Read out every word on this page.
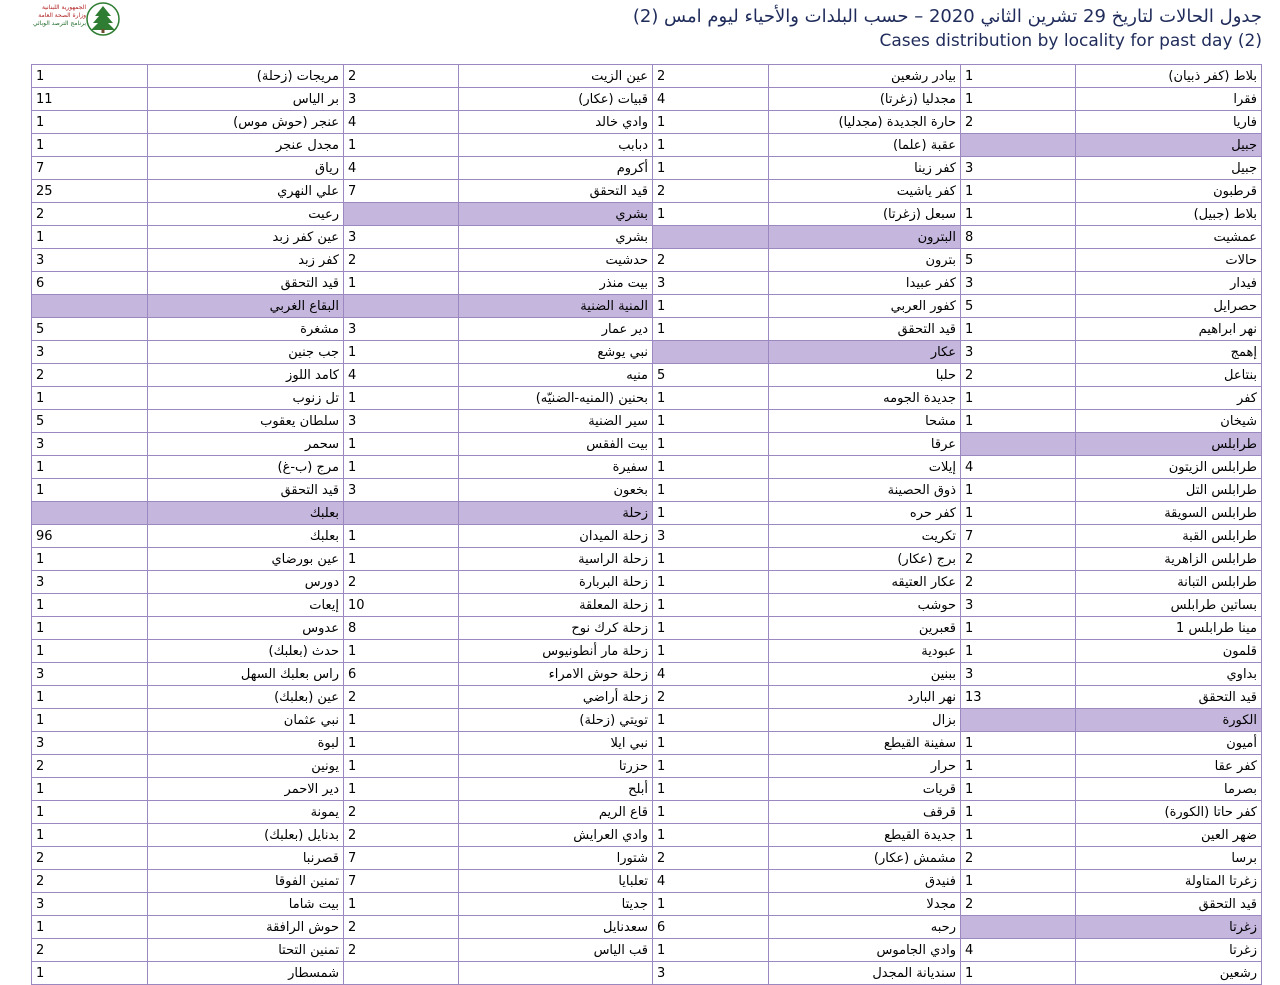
الجمهورية اللبنانية
وزارة الصحة العامة
برنامج الترصد الوبائي	جدول الحالات لتاريخ 29 تشرين الثاني 2020 – حسب البلدات والأحياء ليوم امس (2)
Cases distribution by locality for past day (2)
بلاط (كفر ذبيان)	1	بيادر رشعين	2	عين الزيت	2	مريجات (زحلة)	1
فقرا	1	مجدليا (زغرتا)	4	قبيات (عكار)	3	بر الياس	11
فاريا	2	حارة الجديدة (مجدليا)	1	وادي خالد	4	عنجر (حوش موس)	1
جبيل		عقبة (علما)	1	دبابب	1	مجدل عنجر	1
جبيل	3	كفر زينا	1	أكروم	4	رياق	7
قرطبون	1	كفر ياشيت	2	قيد التحقق	7	علي النهري	25
بلاط (جبيل)	1	سبعل (زغرتا)	1	بشري		رعيت	2
عمشيت	8	البترون		بشري	3	عين كفر زبد	1
حالات	5	بترون	2	حدشيت	2	كفر زبد	3
فيدار	3	كفر عبيدا	3	بيت منذر	1	قيد التحقق	6
حصرايل	5	كفور العربي	1	المنية الضنية		البقاع الغربي	
نهر ابراهيم	1	قيد التحقق	1	دير عمار	3	مشغرة	5
إهمج	3	عكار		نبي يوشع	1	جب جنين	3
بنتاعل	2	حلبا	5	منيه	4	كامد اللوز	2
كفر	1	جديدة الجومه	1	بحنين (المنيه-الضنيّه)	1	تل زنوب	1
شيخان	1	مشحا	1	سير الضنية	3	سلطان يعقوب	5
طرابلس		عرقا	1	بيت الفقس	1	سحمر	3
طرابلس الزيتون	4	إيلات	1	سفيرة	1	مرج (ب-غ)	1
طرابلس التل	1	ذوق الحصينة	1	بخعون	3	قيد التحقق	1
طرابلس السويقة	1	كفر حره	1	زحلة		بعلبك	
طرابلس القبة	7	تكريت	3	زحلة الميدان	1	بعلبك	96
طرابلس الزاهرية	2	برج (عكار)	1	زحلة الراسية	1	عين بورضاي	1
طرابلس التبانة	2	عكار العتيقه	1	زحلة البربارة	2	دورس	3
بساتين طرابلس	3	حوشب	1	زحلة المعلقة	10	إيعات	1
مينا طرابلس 1	1	قعبرين	1	زحلة كرك نوح	8	عدوس	1
قلمون	1	عبودية	1	زحلة مار أنطونيوس	1	حدث (بعلبك)	1
بداوي	3	ببنين	4	زحلة حوش الامراء	6	راس بعلبك السهل	3
قيد التحقق	13	نهر البارد	2	زحلة أراضي	2	عين (بعلبك)	1
الكورة		بزال	1	تويتي (زحلة)	1	نبي عثمان	1
أميون	1	سفينة القيطع	1	نبي ايلا	1	لبوة	3
كفر عقا	1	حرار	1	حزرتا	1	يونين	2
بصرما	1	قريات	1	أبلح	1	دير الاحمر	1
كفر حاتا (الكورة)	1	قرقف	1	قاع الريم	2	يمونة	1
ضهر العين	1	جديدة القيطع	1	وادي العرايش	2	بدنايل (بعلبك)	1
برسا	2	مشمش (عكار)	2	شتورا	7	قصرنبا	2
زغرتا المتاولة	1	فنيدق	4	تعلبايا	7	تمنين الفوقا	2
قيد التحقق	2	مجدلا	1	جديتا	1	بيت شاما	3
زغرتا		رحبه	6	سعدنايل	2	حوش الرافقة	1
زغرتا	4	وادي الجاموس	1	قب الياس	2	تمنين التحتا	2
رشعين	1	سنديانة المجدل	3			شمسطار	1
